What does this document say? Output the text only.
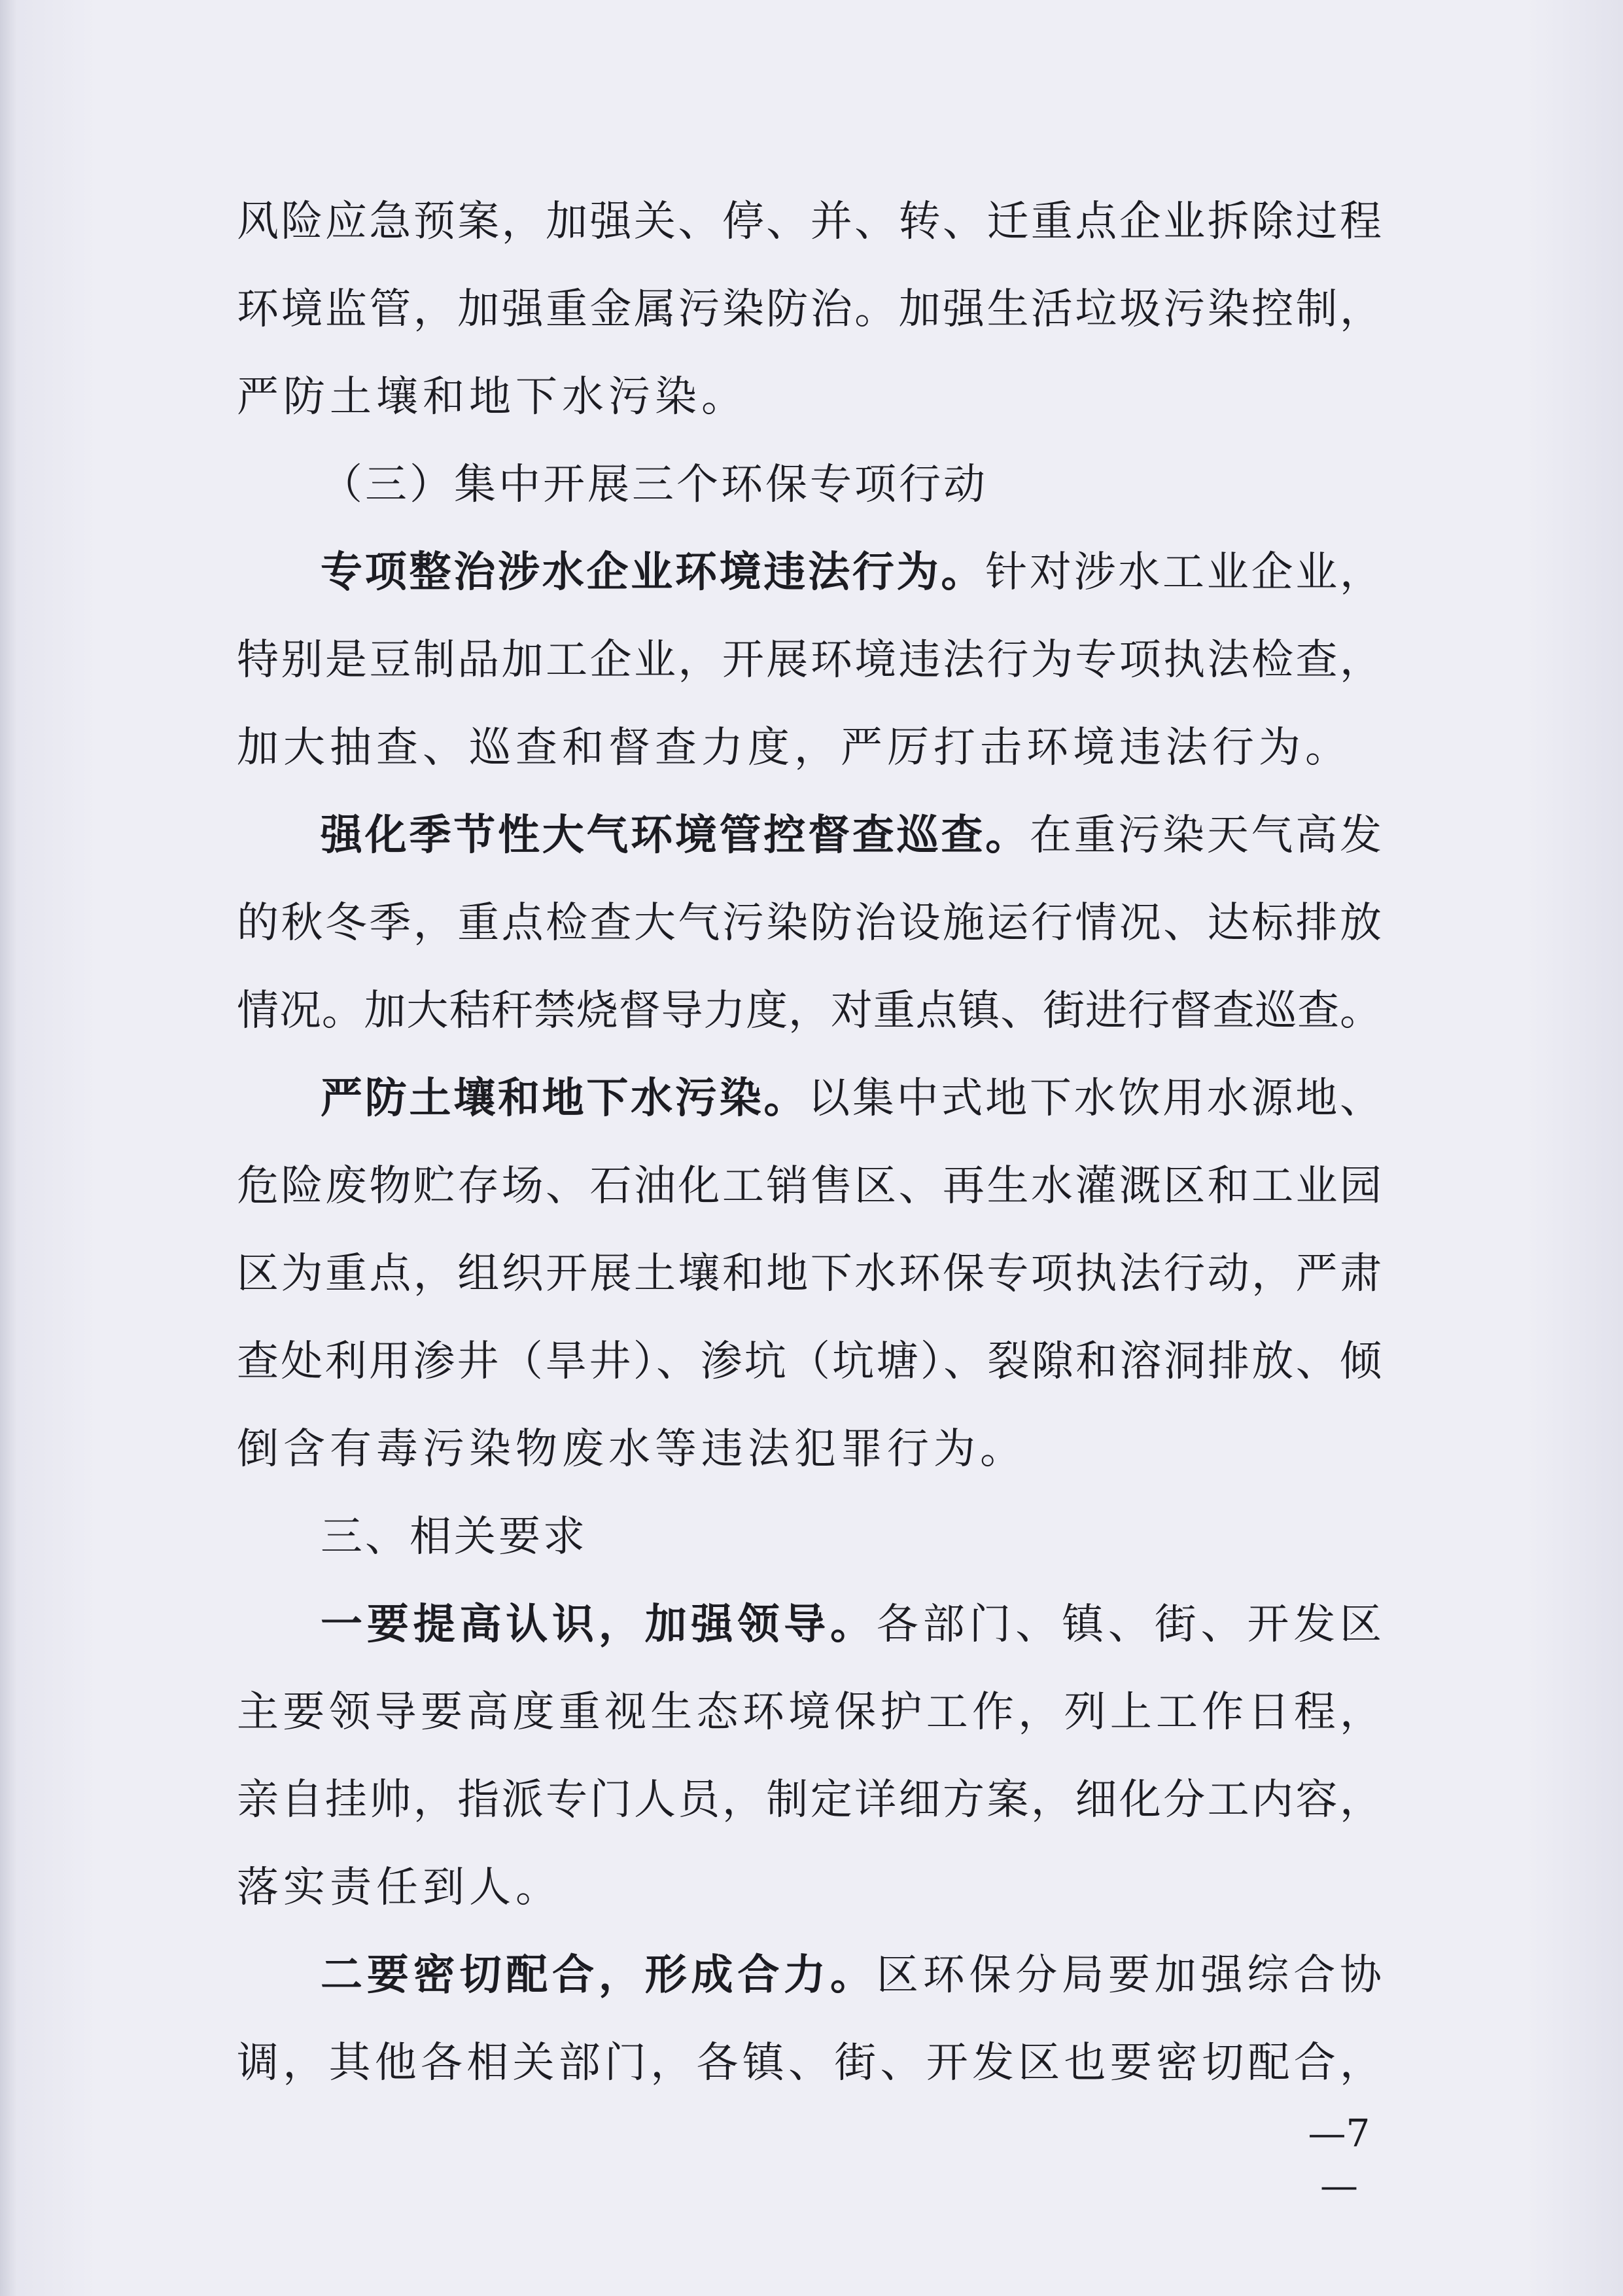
风险应急预案，加强关、停、并、转、迁重点企业拆除过程
环境监管，加强重金属污染防治。加强生活垃圾污染控制，
严防土壤和地下水污染。
（三）集中开展三个环保专项行动
专项整治涉水企业环境违法行为。针对涉水工业企业，
特别是豆制品加工企业，开展环境违法行为专项执法检查，
加大抽查、巡查和督查力度，严厉打击环境违法行为。
强化季节性大气环境管控督查巡查。在重污染天气高发
的秋冬季，重点检查大气污染防治设施运行情况、达标排放
情况。加大秸秆禁烧督导力度，对重点镇、街进行督查巡查。
严防土壤和地下水污染。以集中式地下水饮用水源地、
危险废物贮存场、石油化工销售区、再生水灌溉区和工业园
区为重点，组织开展土壤和地下水环保专项执法行动，严肃
查处利用渗井（旱井）、渗坑（坑塘）、裂隙和溶洞排放、倾
倒含有毒污染物废水等违法犯罪行为。
三、相关要求
一要提高认识，加强领导。各部门、镇、街、开发区
主要领导要高度重视生态环境保护工作，列上工作日程，
亲自挂帅，指派专门人员，制定详细方案，细化分工内容，
落实责任到人。
二要密切配合，形成合力。区环保分局要加强综合协
调，其他各相关部门，各镇、街、开发区也要密切配合，
—7—
